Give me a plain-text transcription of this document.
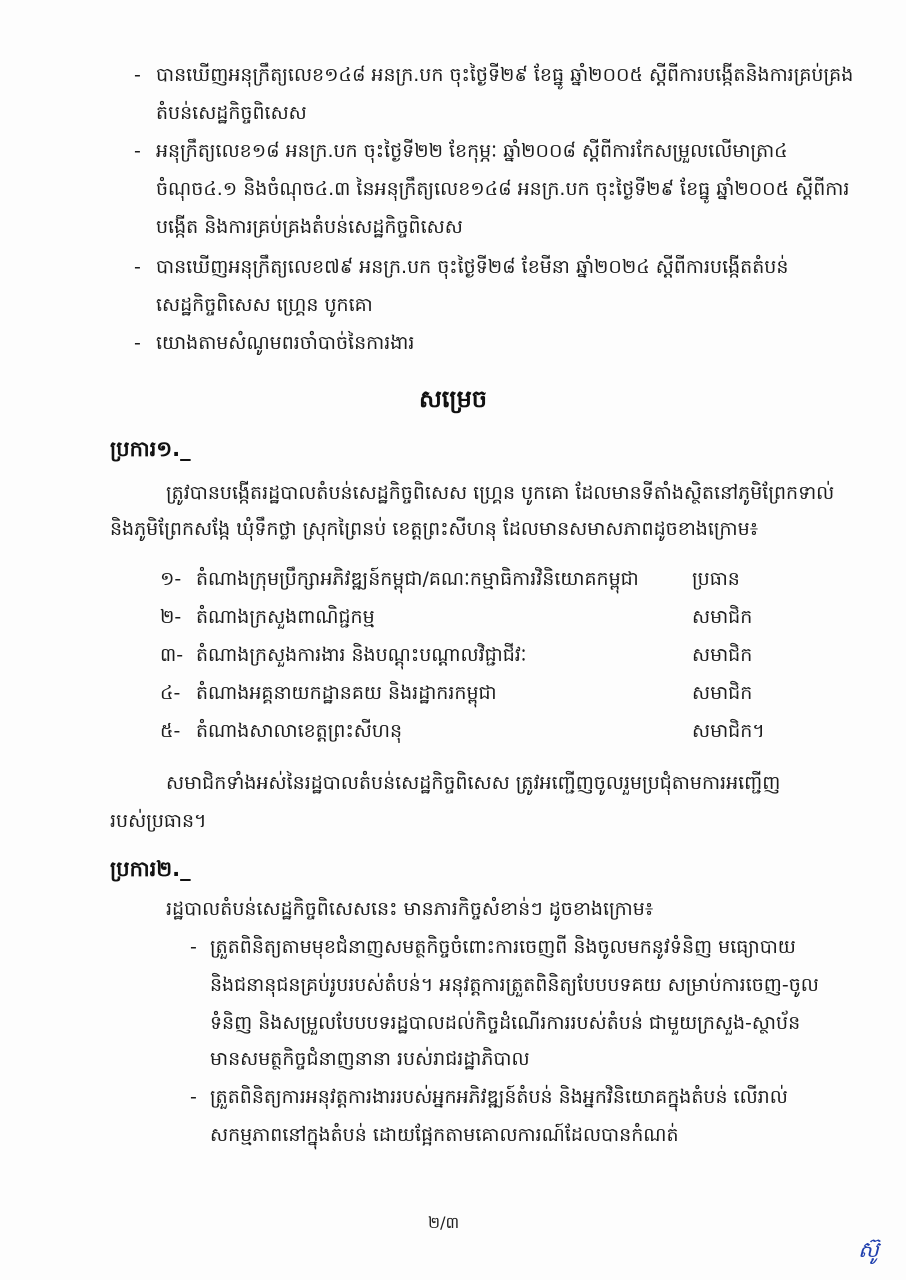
- បានឃើញអនុក្រឹត្យលេខ១៤៨ អនក្រ.បក ចុះថ្ងៃទី២៩ ខែធ្នូ ឆ្នាំ២០០៥ ស្ដីពីការបង្កើតនិងការគ្រប់គ្រង
តំបន់សេដ្ឋកិច្ចពិសេស
- អនុក្រឹត្យលេខ១៨ អនក្រ.បក ចុះថ្ងៃទី២២ ខែកុម្ភៈ ឆ្នាំ២០០៨ ស្ដីពីការកែសម្រួលលើមាត្រា៤
ចំណុច៤.១ និងចំណុច៤.៣ នៃអនុក្រឹត្យលេខ១៤៨ អនក្រ.បក ចុះថ្ងៃទី២៩ ខែធ្នូ ឆ្នាំ២០០៥ ស្ដីពីការ
បង្កើត និងការគ្រប់គ្រងតំបន់សេដ្ឋកិច្ចពិសេស
- បានឃើញអនុក្រឹត្យលេខ៧៩ អនក្រ.បក ចុះថ្ងៃទី២៨ ខែមីនា ឆ្នាំ២០២៤ ស្ដីពីការបង្កើតតំបន់
សេដ្ឋកិច្ចពិសេស ហ្រ្គេន បូកគោ
- យោងតាមសំណូមពរចាំបាច់នៃការងារ
សម្រេច
ប្រការ១._
ត្រូវបានបង្កើតរដ្ឋបាលតំបន់សេដ្ឋកិច្ចពិសេស ហ្រ្គេន បូកគោ ដែលមានទីតាំងស្ថិតនៅភូមិព្រែកទាល់
និងភូមិព្រែកសង្កែ ឃុំទឹកថ្លា ស្រុកព្រៃនប់ ខេត្តព្រះសីហនុ ដែលមានសមាសភាពដូចខាងក្រោម៖
១- តំណាងក្រុមប្រឹក្សាអភិវឌ្ឍន៍កម្ពុជា/គណៈកម្មាធិការវិនិយោគកម្ពុជា	ប្រធាន
២- តំណាងក្រសួងពាណិជ្ជកម្ម	សមាជិក
៣- តំណាងក្រសួងការងារ និងបណ្ដុះបណ្ដាលវិជ្ជាជីវៈ	សមាជិក
៤- តំណាងអគ្គនាយកដ្ឋានគយ និងរដ្ឋាករកម្ពុជា	សមាជិក
៥- តំណាងសាលាខេត្តព្រះសីហនុ	សមាជិក។
សមាជិកទាំងអស់នៃរដ្ឋបាលតំបន់សេដ្ឋកិច្ចពិសេស ត្រូវអញ្ជើញចូលរួមប្រជុំតាមការអញ្ជើញ
របស់ប្រធាន។
ប្រការ២._
រដ្ឋបាលតំបន់សេដ្ឋកិច្ចពិសេសនេះ មានភារកិច្ចសំខាន់ៗ ដូចខាងក្រោម៖
- ត្រួតពិនិត្យតាមមុខជំនាញសមត្ថកិច្ចចំពោះការចេញពី និងចូលមកនូវទំនិញ មធ្យោបាយ
និងជនានុជនគ្រប់រូបរបស់តំបន់។ អនុវត្តការត្រួតពិនិត្យបែបបទគយ សម្រាប់ការចេញ-ចូល
ទំនិញ និងសម្រួលបែបបទរដ្ឋបាលដល់កិច្ចដំណើរការរបស់តំបន់ ជាមួយក្រសួង-ស្ថាប័ន
មានសមត្ថកិច្ចជំនាញនានា របស់រាជរដ្ឋាភិបាល
- ត្រួតពិនិត្យការអនុវត្តការងាររបស់អ្នកអភិវឌ្ឍន៍តំបន់ និងអ្នកវិនិយោគក្នុងតំបន់ លើរាល់
សកម្មភាពនៅក្នុងតំបន់ ដោយផ្អែកតាមគោលការណ៍ដែលបានកំណត់
២/៣
ស៊ូ
